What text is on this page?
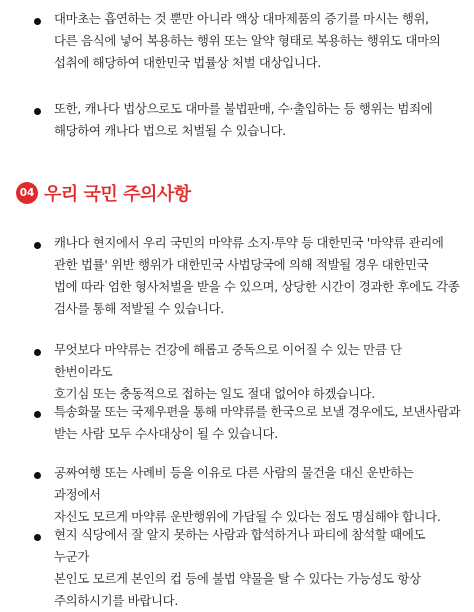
대마초는 흡연하는 것 뿐만 아니라 액상 대마제품의 증기를 마시는 행위,
다른 음식에 넣어 복용하는 행위 또는 알약 형태로 복용하는 행위도 대마의
섭취에 해당하여 대한민국 법률상 처벌 대상입니다.
또한, 캐나다 법상으로도 대마를 불법판매, 수·출입하는 등 행위는 범죄에
해당하여 캐나다 법으로 처벌될 수 있습니다.
04 우리 국민 주의사항
캐나다 현지에서 우리 국민의 마약류 소지·투약 등 대한민국 '마약류 관리에
관한 법률' 위반 행위가 대한민국 사법당국에 의해 적발될 경우 대한민국
법에 따라 엄한 형사처벌을 받을 수 있으며, 상당한 시간이 경과한 후에도 각종
검사를 통해 적발될 수 있습니다.
무엇보다 마약류는 건강에 해롭고 중독으로 이어질 수 있는 만큼 단 한번이라도
호기심 또는 충동적으로 접하는 일도 절대 없어야 하겠습니다.
특송화물 또는 국제우편을 통해 마약류를 한국으로 보낼 경우에도, 보낸사람과
받는 사람 모두 수사대상이 될 수 있습니다.
공짜여행 또는 사례비 등을 이유로 다른 사람의 물건을 대신 운반하는 과정에서
자신도 모르게 마약류 운반행위에 가담될 수 있다는 점도 명심해야 합니다.
현지 식당에서 잘 알지 못하는 사람과 합석하거나 파티에 참석할 때에도 누군가
본인도 모르게 본인의 컵 등에 불법 약물을 탈 수 있다는 가능성도 항상
주의하시기를 바랍니다.
